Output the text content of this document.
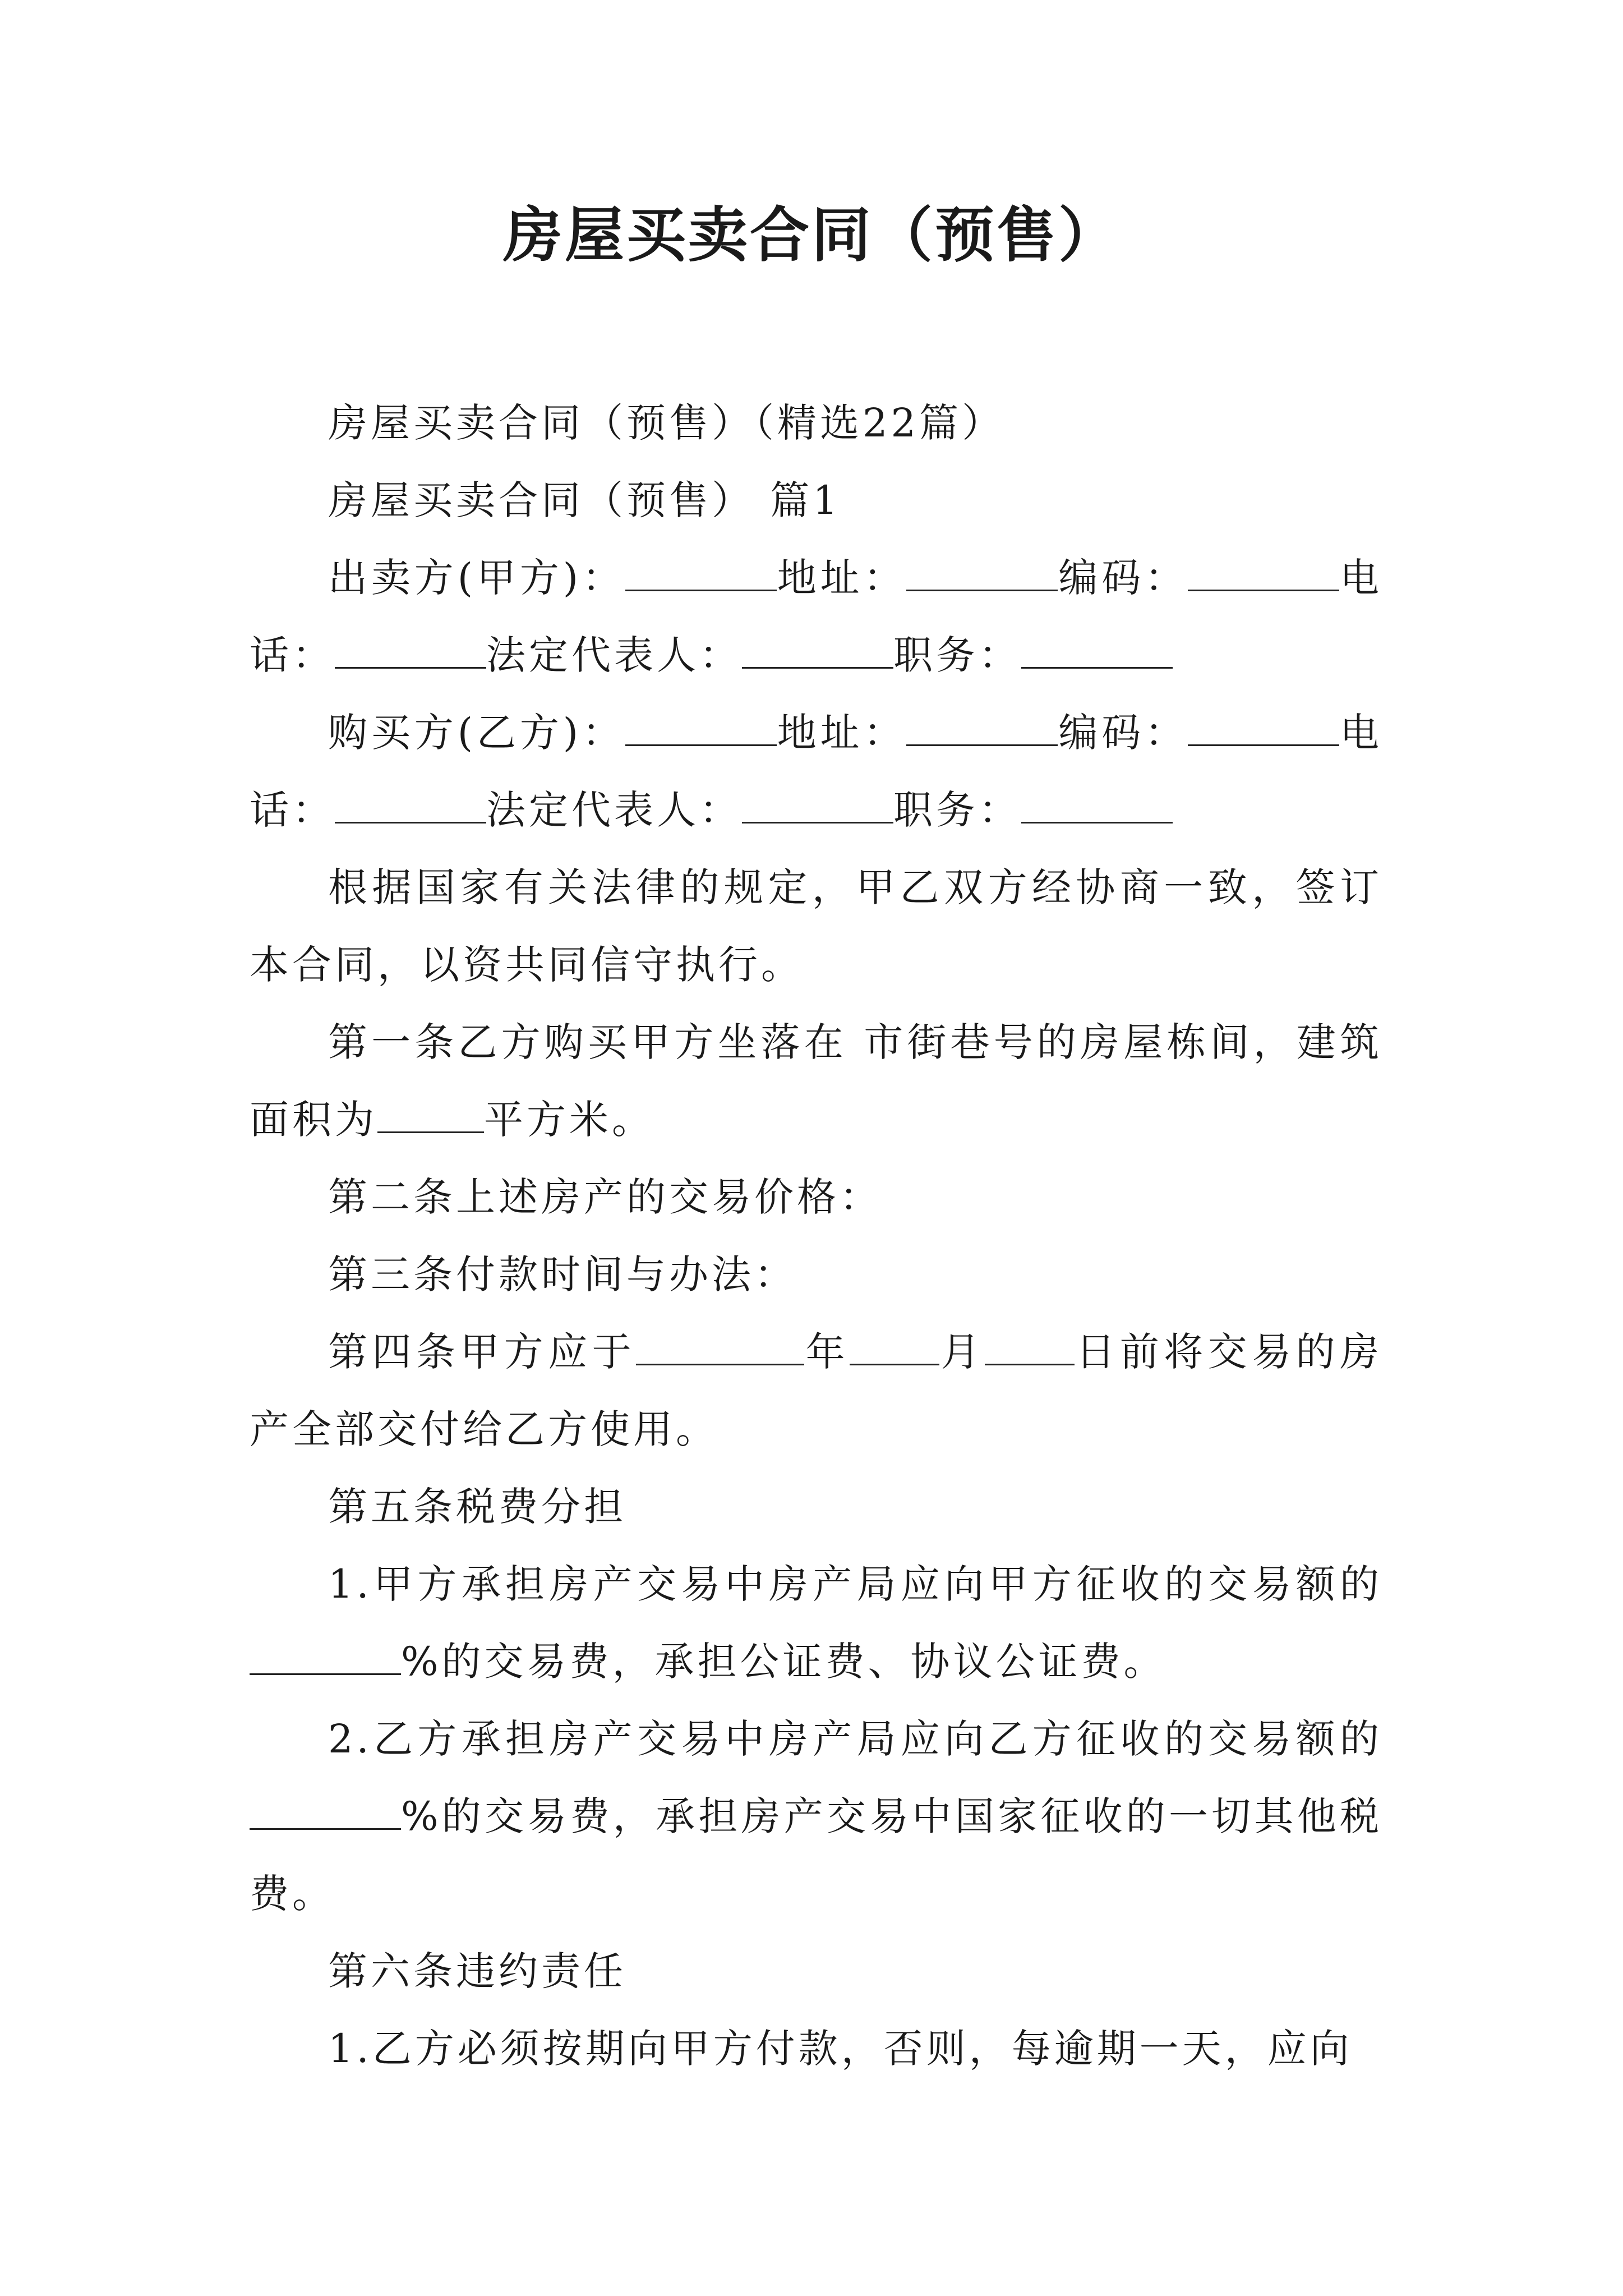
房屋买卖合同（预售）

房屋买卖合同（预售）（精选22篇）

房屋买卖合同（预售） 篇1

出卖方(甲方)：	地址：	编码：	电话：	法定代表人：	职务：

购买方(乙方)：	地址：	编码：	电话：	法定代表人：	职务：

根据国家有关法律的规定，甲乙双方经协商一致，签订本合同，以资共同信守执行。

第一条乙方购买甲方坐落在 市街巷号的房屋栋间，建筑面积为	平方米。

第二条上述房产的交易价格：

第三条付款时间与办法：

第四条甲方应于	年 月 日前将交易的房产全部交付给乙方使用。

第五条税费分担

1.甲方承担房产交易中房产局应向甲方征收的交易额的%的交易费，承担公证费、协议公证费。

2.乙方承担房产交易中房产局应向乙方征收的交易额的%的交易费，承担房产交易中国家征收的一切其他税费。

第六条违约责任

1.乙方必须按期向甲方付款，否则，每逾期一天，应向
